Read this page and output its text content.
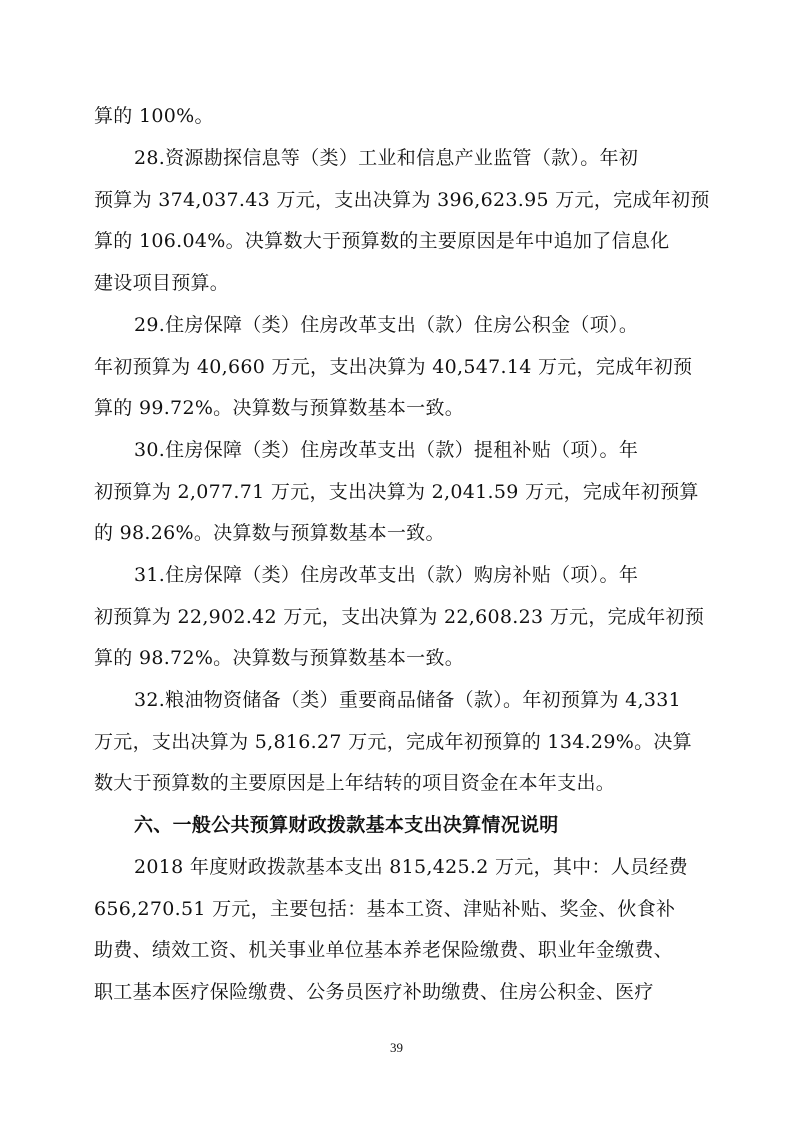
算的 100%。
28.资源勘探信息等（类）工业和信息产业监管（款）。年初
预算为 374,037.43 万元，支出决算为 396,623.95 万元，完成年初预
算的 106.04%。决算数大于预算数的主要原因是年中追加了信息化
建设项目预算。
29.住房保障（类）住房改革支出（款）住房公积金（项）。
年初预算为 40,660 万元，支出决算为 40,547.14 万元，完成年初预
算的 99.72%。决算数与预算数基本一致。
30.住房保障（类）住房改革支出（款）提租补贴（项）。年
初预算为 2,077.71 万元，支出决算为 2,041.59 万元，完成年初预算
的 98.26%。决算数与预算数基本一致。
31.住房保障（类）住房改革支出（款）购房补贴（项）。年
初预算为 22,902.42 万元，支出决算为 22,608.23 万元，完成年初预
算的 98.72%。决算数与预算数基本一致。
32.粮油物资储备（类）重要商品储备（款）。年初预算为 4,331
万元，支出决算为 5,816.27 万元，完成年初预算的 134.29%。决算
数大于预算数的主要原因是上年结转的项目资金在本年支出。
六、一般公共预算财政拨款基本支出决算情况说明
2018 年度财政拨款基本支出 815,425.2 万元，其中：人员经费
656,270.51 万元，主要包括：基本工资、津贴补贴、奖金、伙食补
助费、绩效工资、机关事业单位基本养老保险缴费、职业年金缴费、
职工基本医疗保险缴费、公务员医疗补助缴费、住房公积金、医疗
39
